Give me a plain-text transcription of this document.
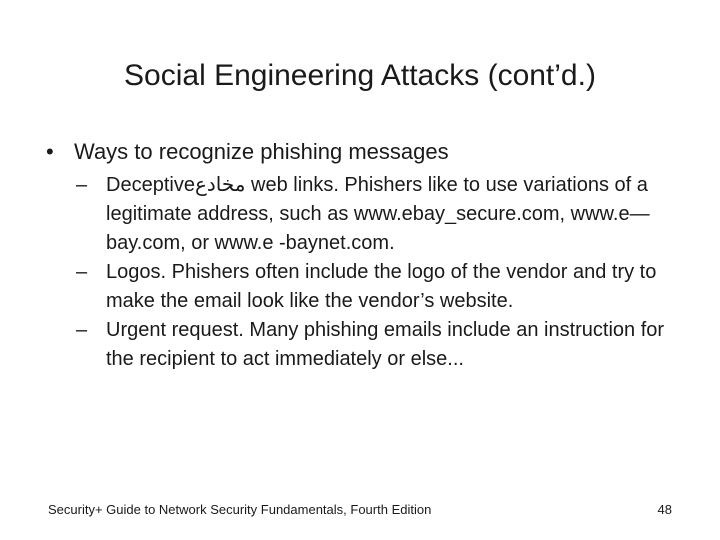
Social Engineering Attacks (cont’d.)
• Ways to recognize phishing messages
– Deceptiveمخادع web links. Phishers like to use variations of a legitimate address, such as www.ebay_secure.com, www.e—bay.com, or www.e -baynet.com.
– Logos. Phishers often include the logo of the vendor and try to make the email look like the vendor’s website.
– Urgent request. Many phishing emails include an instruction for the recipient to act immediately or else...
Security+ Guide to Network Security Fundamentals, Fourth Edition	48
